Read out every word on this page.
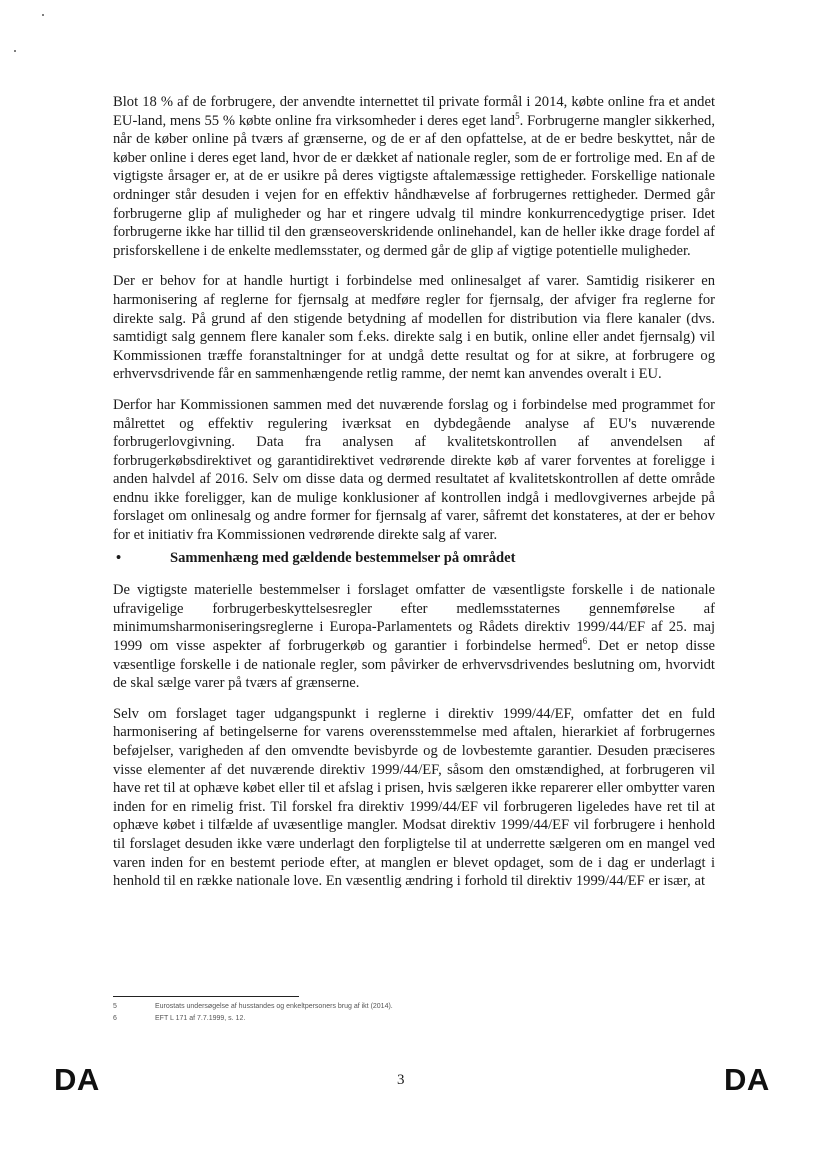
Blot 18 % af de forbrugere, der anvendte internettet til private formål i 2014, købte online fra et andet EU-land, mens 55 % købte online fra virksomheder i deres eget land$^5$. Forbrugerne mangler sikkerhed, når de køber online på tværs af grænserne, og de er af den opfattelse, at de er bedre beskyttet, når de køber online i deres eget land, hvor de er dækket af nationale regler, som de er fortrolige med. En af de vigtigste årsager er, at de er usikre på deres vigtigste aftalemæssige rettigheder. Forskellige nationale ordninger står desuden i vejen for en effektiv håndhævelse af forbrugernes rettigheder. Dermed går forbrugerne glip af muligheder og har et ringere udvalg til mindre konkurrencedygtige priser. Idet forbrugerne ikke har tillid til den grænseoverskridende onlinehandel, kan de heller ikke drage fordel af prisforskellene i de enkelte medlemsstater, og dermed går de glip af vigtige potentielle muligheder.

Der er behov for at handle hurtigt i forbindelse med onlinesalget af varer. Samtidig risikerer en harmonisering af reglerne for fjernsalg at medføre regler for fjernsalg, der afviger fra reglerne for direkte salg. På grund af den stigende betydning af modellen for distribution via flere kanaler (dvs. samtidigt salg gennem flere kanaler som f.eks. direkte salg i en butik, online eller andet fjernsalg) vil Kommissionen træffe foranstaltninger for at undgå dette resultat og for at sikre, at forbrugere og erhvervsdrivende får en sammenhængende retlig ramme, der nemt kan anvendes overalt i EU.

Derfor har Kommissionen sammen med det nuværende forslag og i forbindelse med programmet for målrettet og effektiv regulering iværksat en dybdegående analyse af EU's nuværende forbrugerlovgivning. Data fra analysen af kvalitetskontrollen af anvendelsen af forbrugerkøbsdirektivet og garantidirektivet vedrørende direkte køb af varer forventes at foreligge i anden halvdel af 2016. Selv om disse data og dermed resultatet af kvalitetskontrollen af dette område endnu ikke foreligger, kan de mulige konklusioner af kontrollen indgå i medlovgivernes arbejde på forslaget om onlinesalg og andre former for fjernsalg af varer, såfremt det konstateres, at der er behov for et initiativ fra Kommissionen vedrørende direkte salg af varer.

•	Sammenhæng med gældende bestemmelser på området

De vigtigste materielle bestemmelser i forslaget omfatter de væsentligste forskelle i de nationale ufravigelige forbrugerbeskyttelsesregler efter medlemsstaternes gennemførelse af minimumsharmoniseringsreglerne i Europa-Parlamentets og Rådets direktiv 1999/44/EF af 25. maj 1999 om visse aspekter af forbrugerkøb og garantier i forbindelse hermed$^6$. Det er netop disse væsentlige forskelle i de nationale regler, som påvirker de erhvervsdrivendes beslutning om, hvorvidt de skal sælge varer på tværs af grænserne.

Selv om forslaget tager udgangspunkt i reglerne i direktiv 1999/44/EF, omfatter det en fuld harmonisering af betingelserne for varens overensstemmelse med aftalen, hierarkiet af forbrugernes beføjelser, varigheden af den omvendte bevisbyrde og de lovbestemte garantier. Desuden præciseres visse elementer af det nuværende direktiv 1999/44/EF, såsom den omstændighed, at forbrugeren vil have ret til at ophæve købet eller til et afslag i prisen, hvis sælgeren ikke reparerer eller ombytter varen inden for en rimelig frist. Til forskel fra direktiv 1999/44/EF vil forbrugeren ligeledes have ret til at ophæve købet i tilfælde af uvæsentlige mangler. Modsat direktiv 1999/44/EF vil forbrugere i henhold til forslaget desuden ikke være underlagt den forpligtelse til at underrette sælgeren om en mangel ved varen inden for en bestemt periode efter, at manglen er blevet opdaget, som de i dag er underlagt i henhold til en række nationale love. En væsentlig ændring i forhold til direktiv 1999/44/EF er især, at

5	Eurostats undersøgelse af husstandes og enkeltpersoners brug af ikt (2014).
6	EFT L 171 af 7.7.1999, s. 12.
DA	3	DA
